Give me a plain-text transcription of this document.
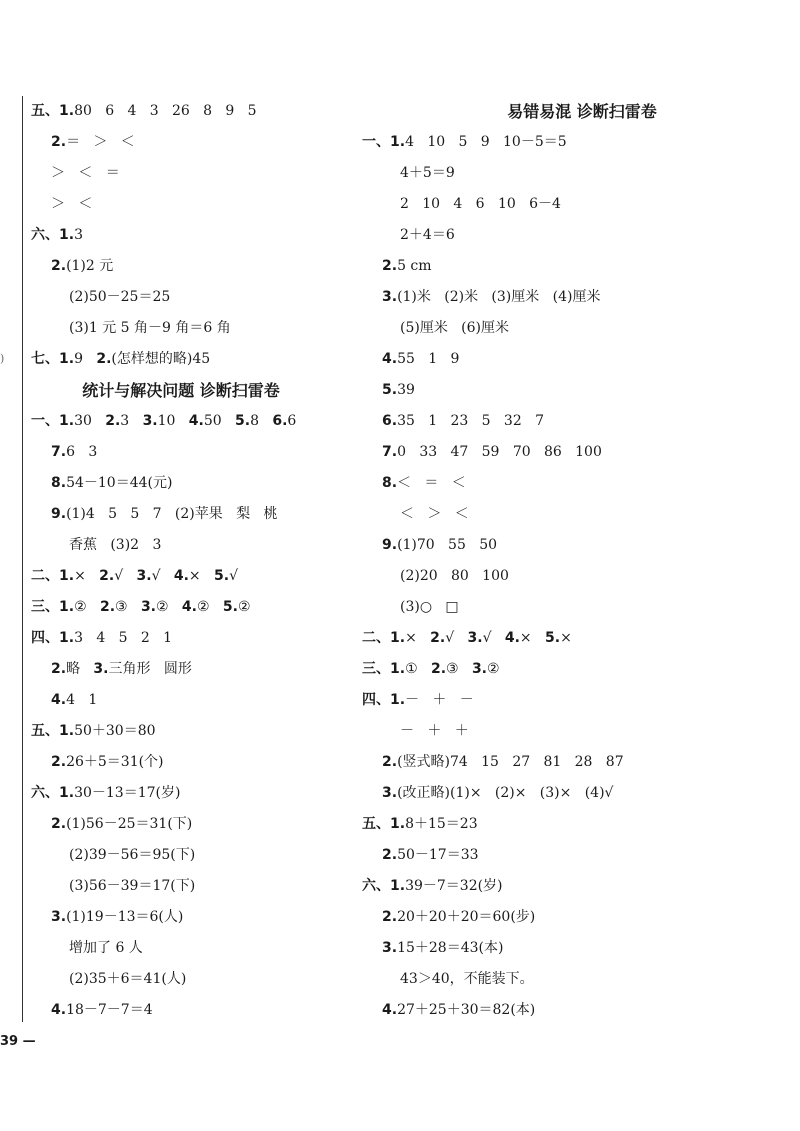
)
五、1.80   6   4   3   26   8   9   5
2.＝   ＞   ＜
＞   ＜   ＝
＞   ＜
六、1.3
2.(1)2 元
(2)50－25＝25
(3)1 元 5 角－9 角＝6 角
七、1.9   2.(怎样想的略)45
统计与解决问题 诊断扫雷卷
一、1.30   2.3   3.10   4.50   5.8   6.6
7.6   3
8.54－10＝44(元)
9.(1)4   5   5   7   (2)苹果   梨   桃
香蕉   (3)2   3
二、1.×   2.√   3.√   4.×   5.√
三、1.②   2.③   3.②   4.②   5.②
四、1.3   4   5   2   1
2.略   3.三角形   圆形
4.4   1
五、1.50＋30＝80
2.26＋5＝31(个)
六、1.30－13＝17(岁)
2.(1)56－25＝31(下)
(2)39－56＝95(下)
(3)56－39＝17(下)
3.(1)19－13＝6(人)
增加了 6 人
(2)35＋6＝41(人)
4.18－7－7＝4
易错易混 诊断扫雷卷
一、1.4   10   5   9   10－5＝5
4＋5＝9
2   10   4   6   10   6－4
2＋4＝6
2.5 cm
3.(1)米   (2)米   (3)厘米   (4)厘米
(5)厘米   (6)厘米
4.55   1   9
5.39
6.35   1   23   5   32   7
7.0   33   47   59   70   86   100
8.＜   ＝   ＜
＜   ＞   ＜
9.(1)70   55   50
(2)20   80   100
(3)○   □
二、1.×   2.√   3.√   4.×   5.×
三、1.①   2.③   3.②
四、1.－   ＋   －
－   ＋   ＋
2.(竖式略)74   15   27   81   28   87
3.(改正略)(1)×   (2)×   (3)×   (4)√
五、1.8＋15＝23
2.50－17＝33
六、1.39－7＝32(岁)
2.20＋20＋20＝60(步)
3.15＋28＝43(本)
43＞40，不能装下。
4.27＋25＋30＝82(本)
39 —
